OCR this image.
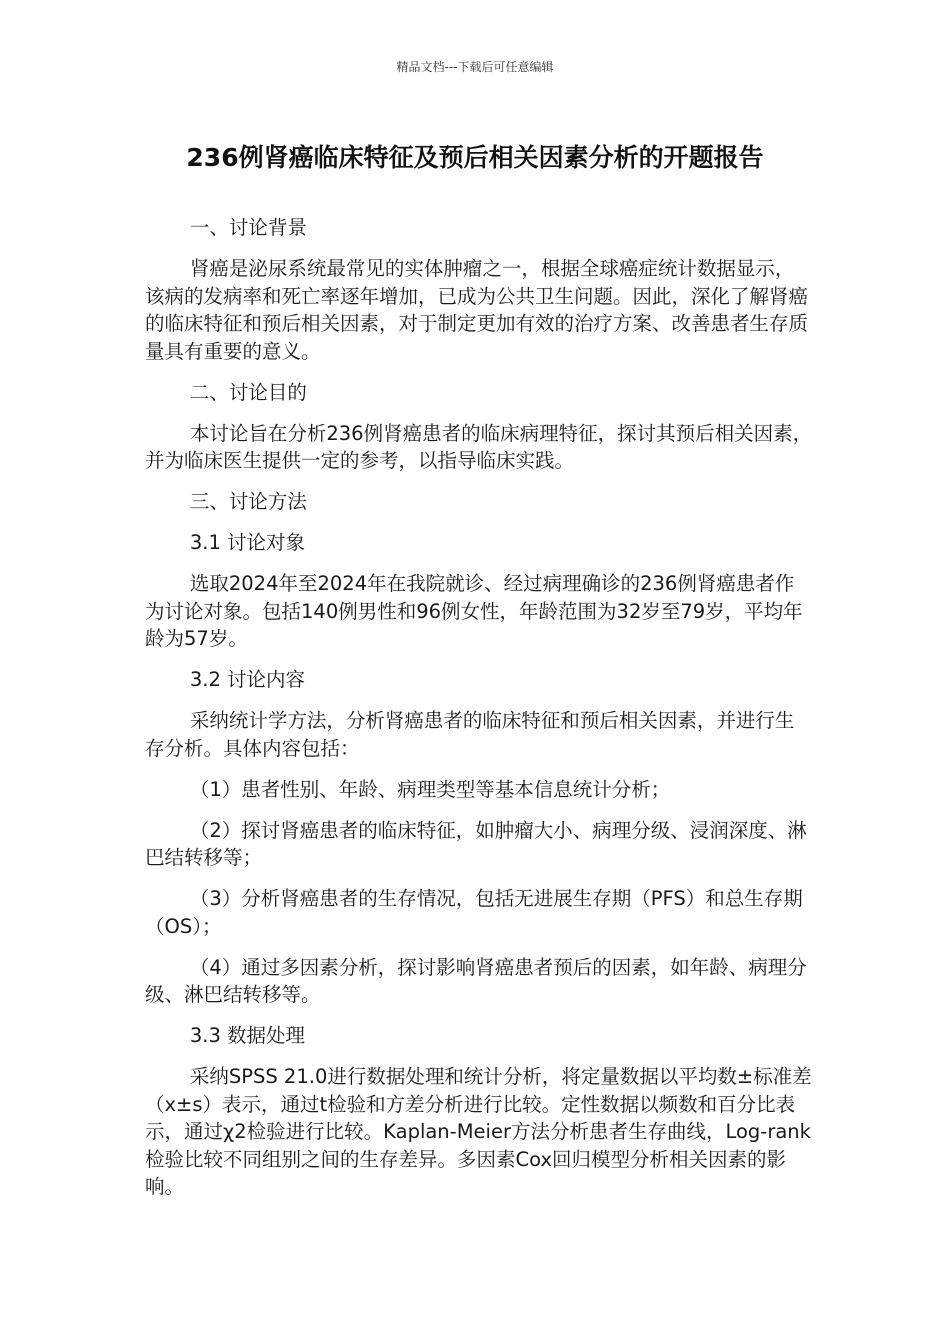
精品文档---下载后可任意编辑
236例肾癌临床特征及预后相关因素分析的开题报告

一、讨论背景

肾癌是泌尿系统最常见的实体肿瘤之一，根据全球癌症统计数据显示，该病的发病率和死亡率逐年增加，已成为公共卫生问题。因此，深化了解肾癌的临床特征和预后相关因素，对于制定更加有效的治疗方案、改善患者生存质量具有重要的意义。

二、讨论目的

本讨论旨在分析236例肾癌患者的临床病理特征，探讨其预后相关因素，并为临床医生提供一定的参考，以指导临床实践。

三、讨论方法

3.1 讨论对象

选取2024年至2024年在我院就诊、经过病理确诊的236例肾癌患者作为讨论对象。包括140例男性和96例女性，年龄范围为32岁至79岁，平均年龄为57岁。

3.2 讨论内容

采纳统计学方法，分析肾癌患者的临床特征和预后相关因素，并进行生存分析。具体内容包括：

（1）患者性别、年龄、病理类型等基本信息统计分析；

（2）探讨肾癌患者的临床特征，如肿瘤大小、病理分级、浸润深度、淋巴结转移等；

（3）分析肾癌患者的生存情况，包括无进展生存期（PFS）和总生存期（OS）；

（4）通过多因素分析，探讨影响肾癌患者预后的因素，如年龄、病理分级、淋巴结转移等。

3.3 数据处理

采纳SPSS 21.0进行数据处理和统计分析，将定量数据以平均数±标准差（x±s）表示，通过t检验和方差分析进行比较。定性数据以频数和百分比表示，通过χ2检验进行比较。Kaplan-Meier方法分析患者生存曲线，Log-rank检验比较不同组别之间的生存差异。多因素Cox回归模型分析相关因素的影响。
